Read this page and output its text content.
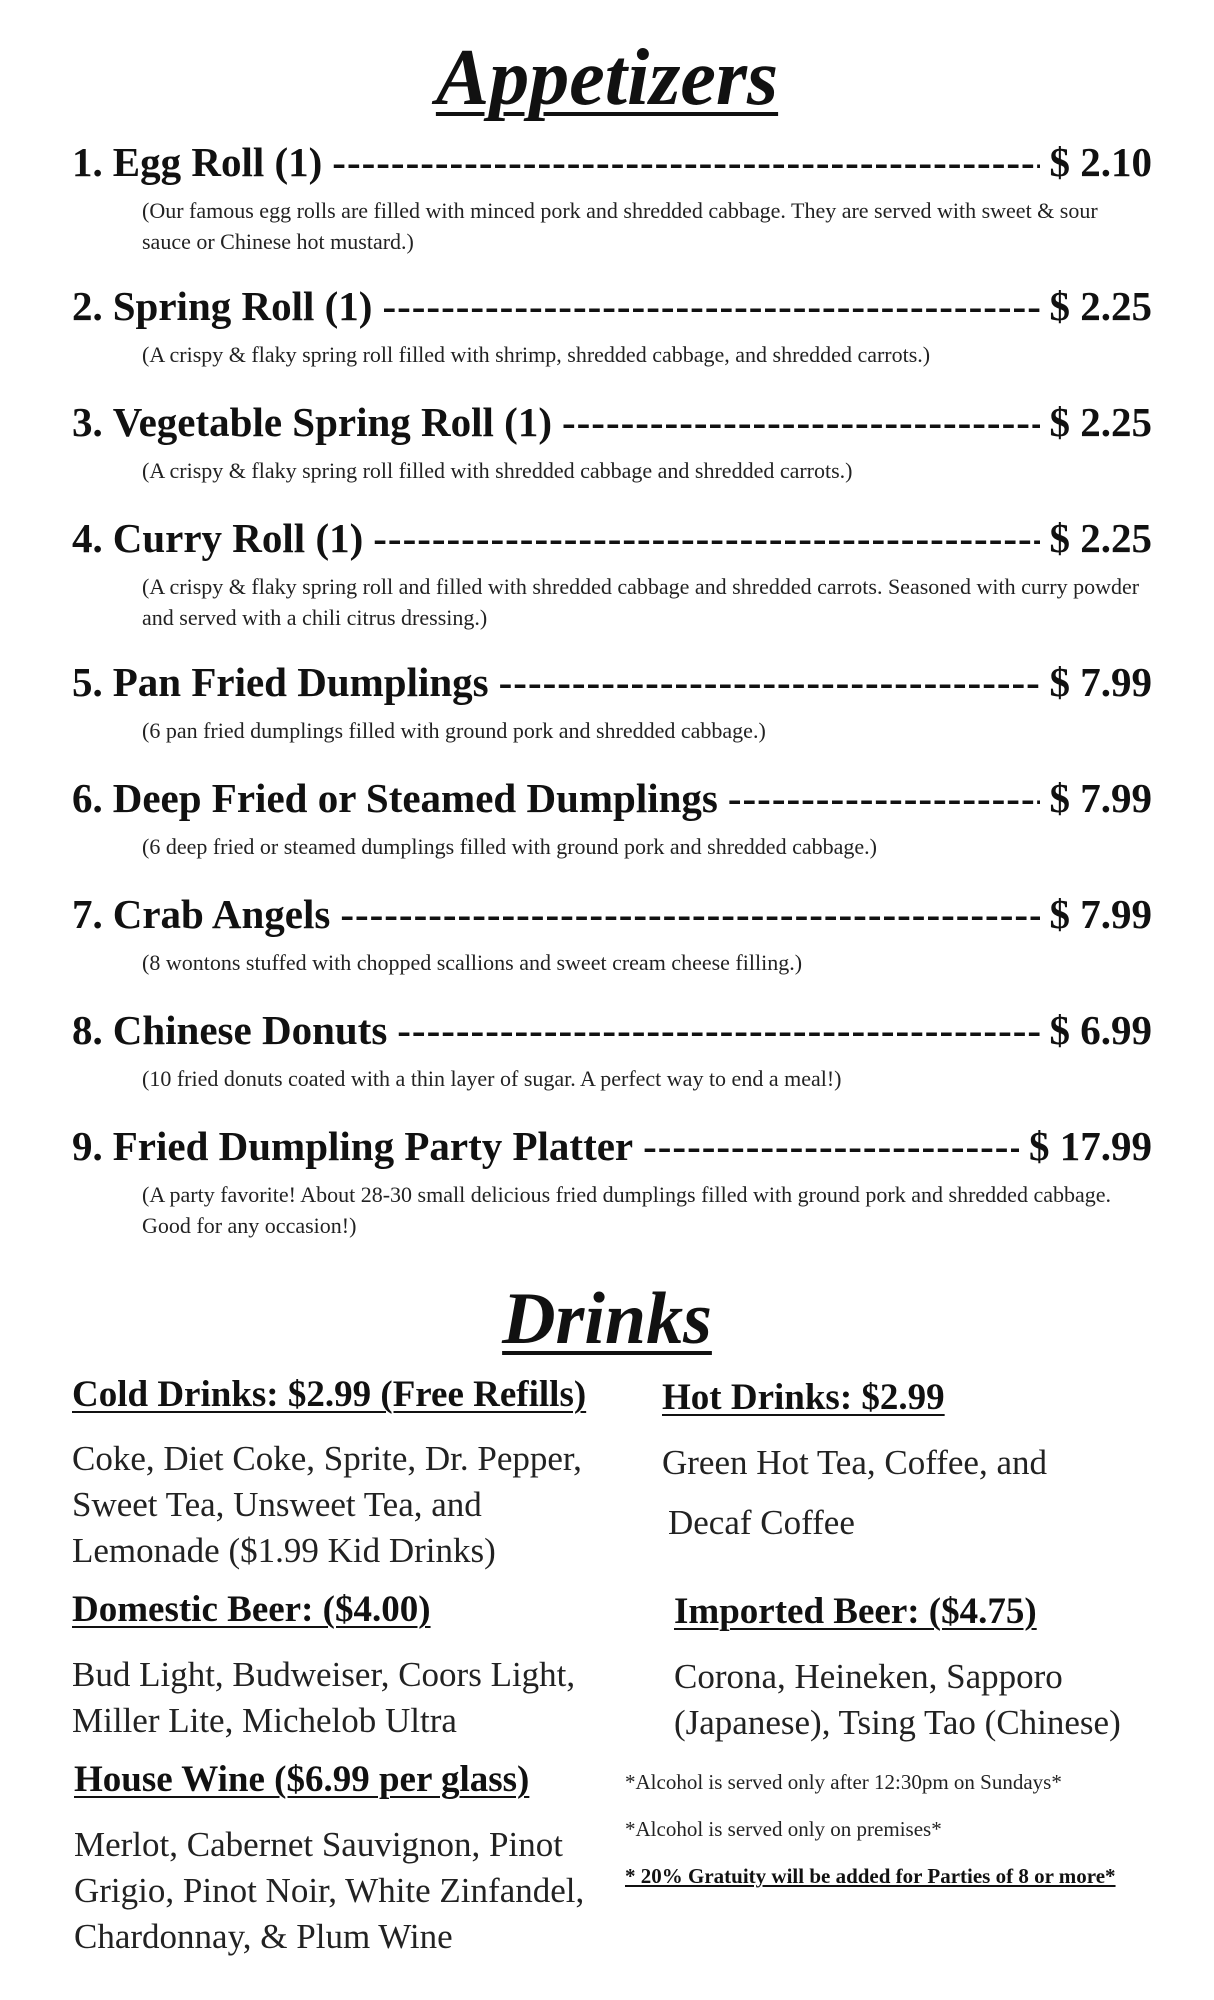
Appetizers
1. Egg Roll (1) -----	$ 2.10
(Our famous egg rolls are filled with minced pork and shredded cabbage. They are served with sweet & sour sauce or Chinese hot mustard.)
2. Spring Roll (1) -----	$ 2.25
(A crispy & flaky spring roll filled with shrimp, shredded cabbage, and shredded carrots.)
3. Vegetable Spring Roll (1) -----	$ 2.25
(A crispy & flaky spring roll filled with shredded cabbage and shredded carrots.)
4. Curry Roll (1) -----	$ 2.25
(A crispy & flaky spring roll and filled with shredded cabbage and shredded carrots. Seasoned with curry powder and served with a chili citrus dressing.)
5. Pan Fried Dumplings -----	$ 7.99
(6 pan fried dumplings filled with ground pork and shredded cabbage.)
6. Deep Fried or Steamed Dumplings -----	$ 7.99
(6 deep fried or steamed dumplings filled with ground pork and shredded cabbage.)
7. Crab Angels -----	$ 7.99
(8 wontons stuffed with chopped scallions and sweet cream cheese filling.)
8. Chinese Donuts -----	$ 6.99
(10 fried donuts coated with a thin layer of sugar. A perfect way to end a meal!)
9. Fried Dumpling Party Platter -----	$ 17.99
(A party favorite! About 28-30 small delicious fried dumplings filled with ground pork and shredded cabbage. Good for any occasion!)
Drinks
Cold Drinks: $2.99 (Free Refills)
Coke, Diet Coke, Sprite, Dr. Pepper, Sweet Tea, Unsweet Tea, and Lemonade ($1.99 Kid Drinks)
Hot Drinks: $2.99
Green Hot Tea, Coffee, and
Decaf Coffee
Domestic Beer: ($4.00)
Bud Light, Budweiser, Coors Light, Miller Lite, Michelob Ultra
Imported Beer: ($4.75)
Corona, Heineken, Sapporo (Japanese), Tsing Tao (Chinese)
House Wine ($6.99 per glass)
Merlot, Cabernet Sauvignon, Pinot Grigio, Pinot Noir, White Zinfandel, Chardonnay, & Plum Wine
*Alcohol is served only after 12:30pm on Sundays*
*Alcohol is served only on premises*
* 20% Gratuity will be added for Parties of 8 or more*
